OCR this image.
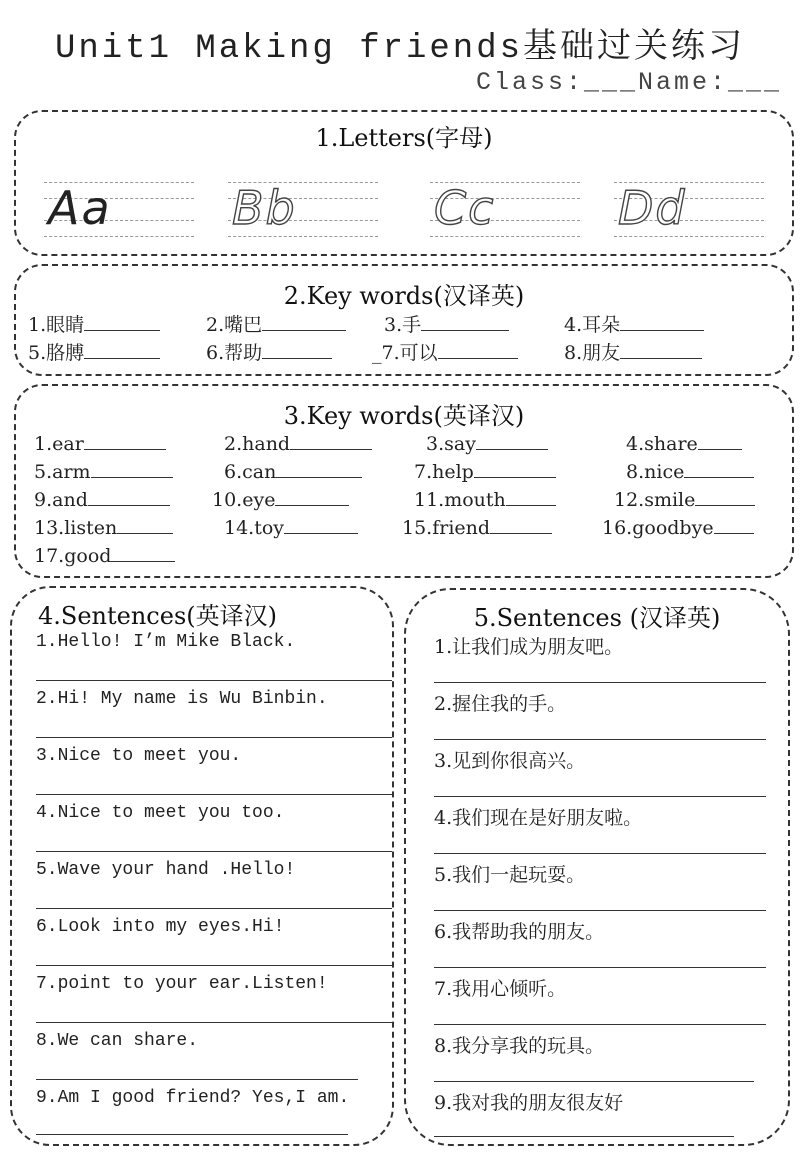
Unit1 Making friends基础过关练习
Class:___Name:___
1.Letters(字母)
Aa	Bb	Cc	Dd
2.Key words(汉译英)
1.眼睛	2.嘴巴	3.手	4.耳朵
5.胳膊	6.帮助	_7.可以	8.朋友
3.Key words(英译汉)
1.ear	2.hand	3.say	4.share
5.arm	6.can	7.help	8.nice
9.and	10.eye	11.mouth	12.smile
13.listen	14.toy	15.friend	16.goodbye
17.good
4.Sentences(英译汉)
1.Hello! I’m Mike Black.
2.Hi! My name is Wu Binbin.
3.Nice to meet you.
4.Nice to meet you too.
5.Wave your hand .Hello!
6.Look into my eyes.Hi!
7.point to your ear.Listen!
8.We can share.
9.Am I good friend? Yes,I am.
5.Sentences (汉译英)
1.让我们成为朋友吧。
2.握住我的手。
3.见到你很高兴。
4.我们现在是好朋友啦。
5.我们一起玩耍。
6.我帮助我的朋友。
7.我用心倾听。
8.我分享我的玩具。
9.我对我的朋友很友好
